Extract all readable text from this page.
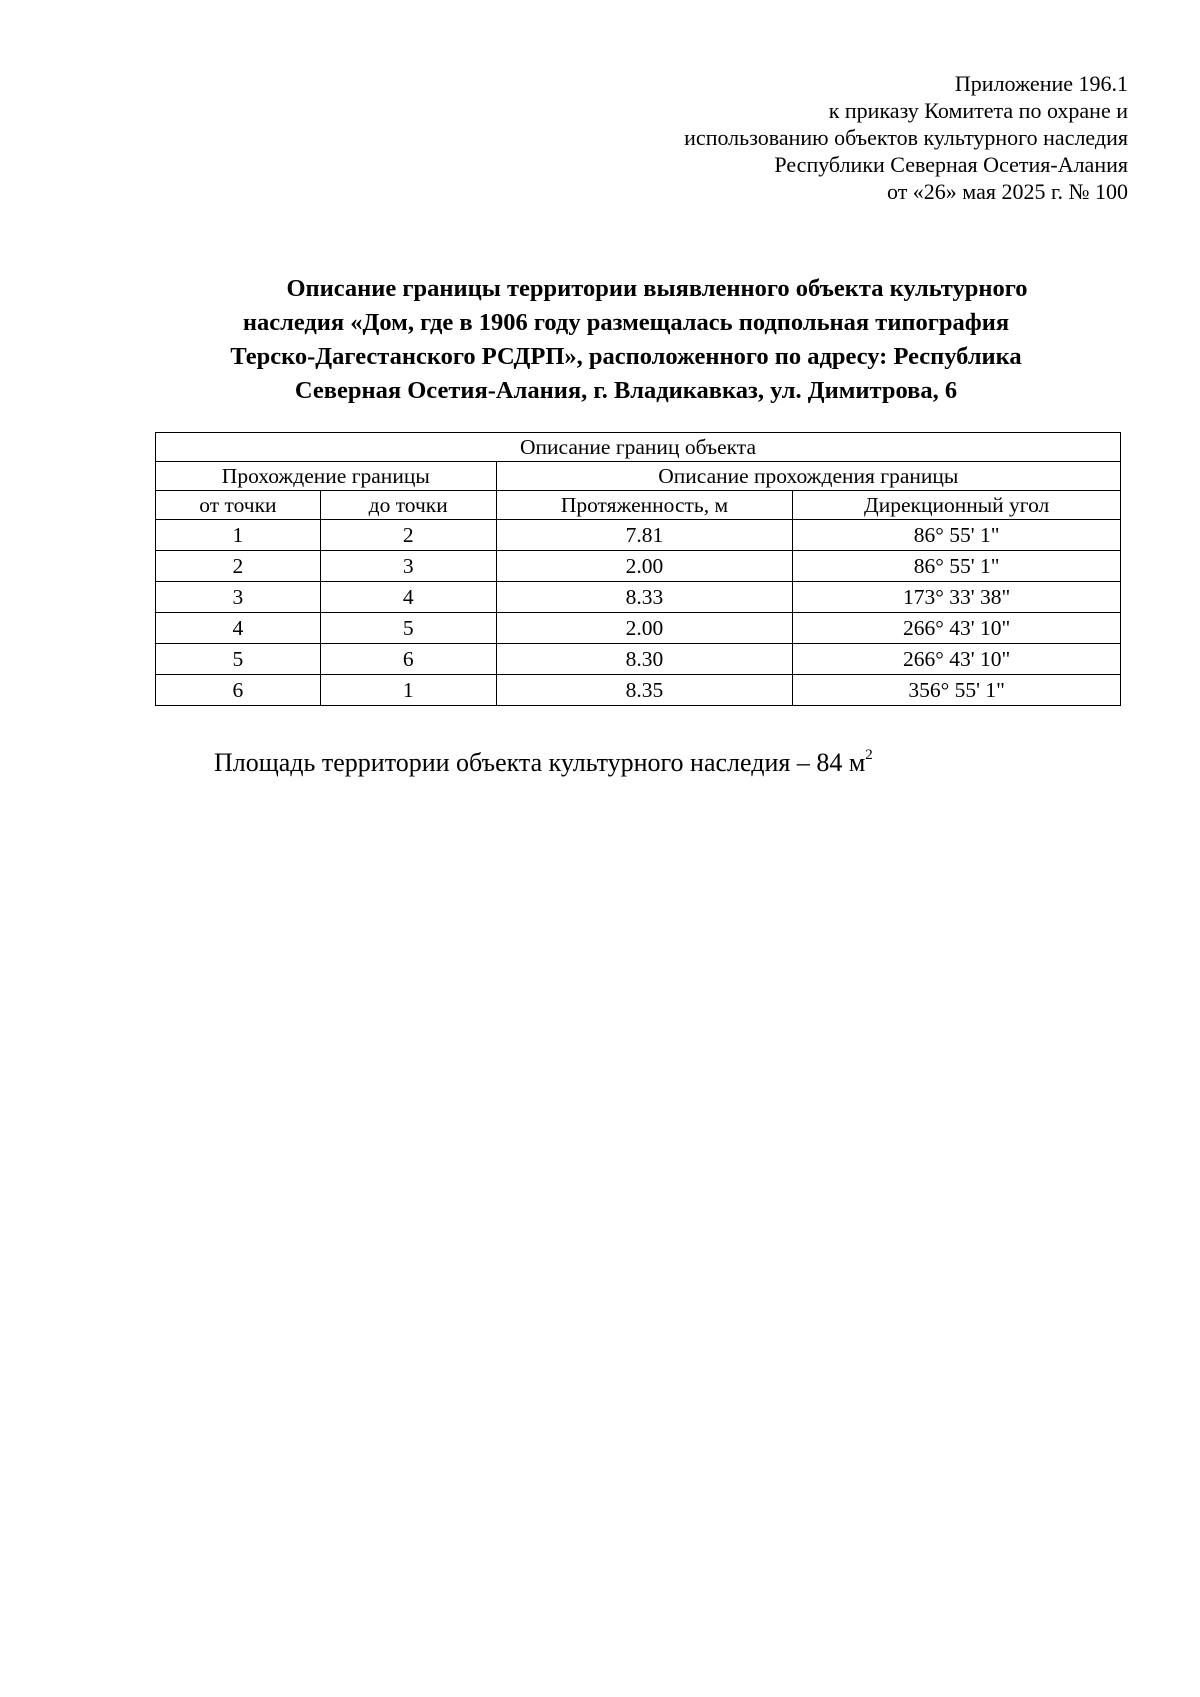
Приложение 196.1
к приказу Комитета по охране и
использованию объектов культурного наследия
Республики Северная Осетия-Алания
от «26» мая 2025 г. № 100
Описание границы территории выявленного объекта культурного
наследия «Дом, где в 1906 году размещалась подпольная типография
Терско-Дагестанского РСДРП», расположенного по адресу: Республика
Северная Осетия-Алания, г. Владикавказ, ул. Димитрова, 6
Описание границ объекта			
Прохождение границы		Описание прохождения границы	
от точки	до точки	Протяженность, м	Дирекционный угол
1	2	7.81	86° 55' 1"
2	3	2.00	86° 55' 1"
3	4	8.33	173° 33' 38"
4	5	2.00	266° 43' 10"
5	6	8.30	266° 43' 10"
6	1	8.35	356° 55' 1"
Площадь территории объекта культурного наследия – 84 $м^2$
